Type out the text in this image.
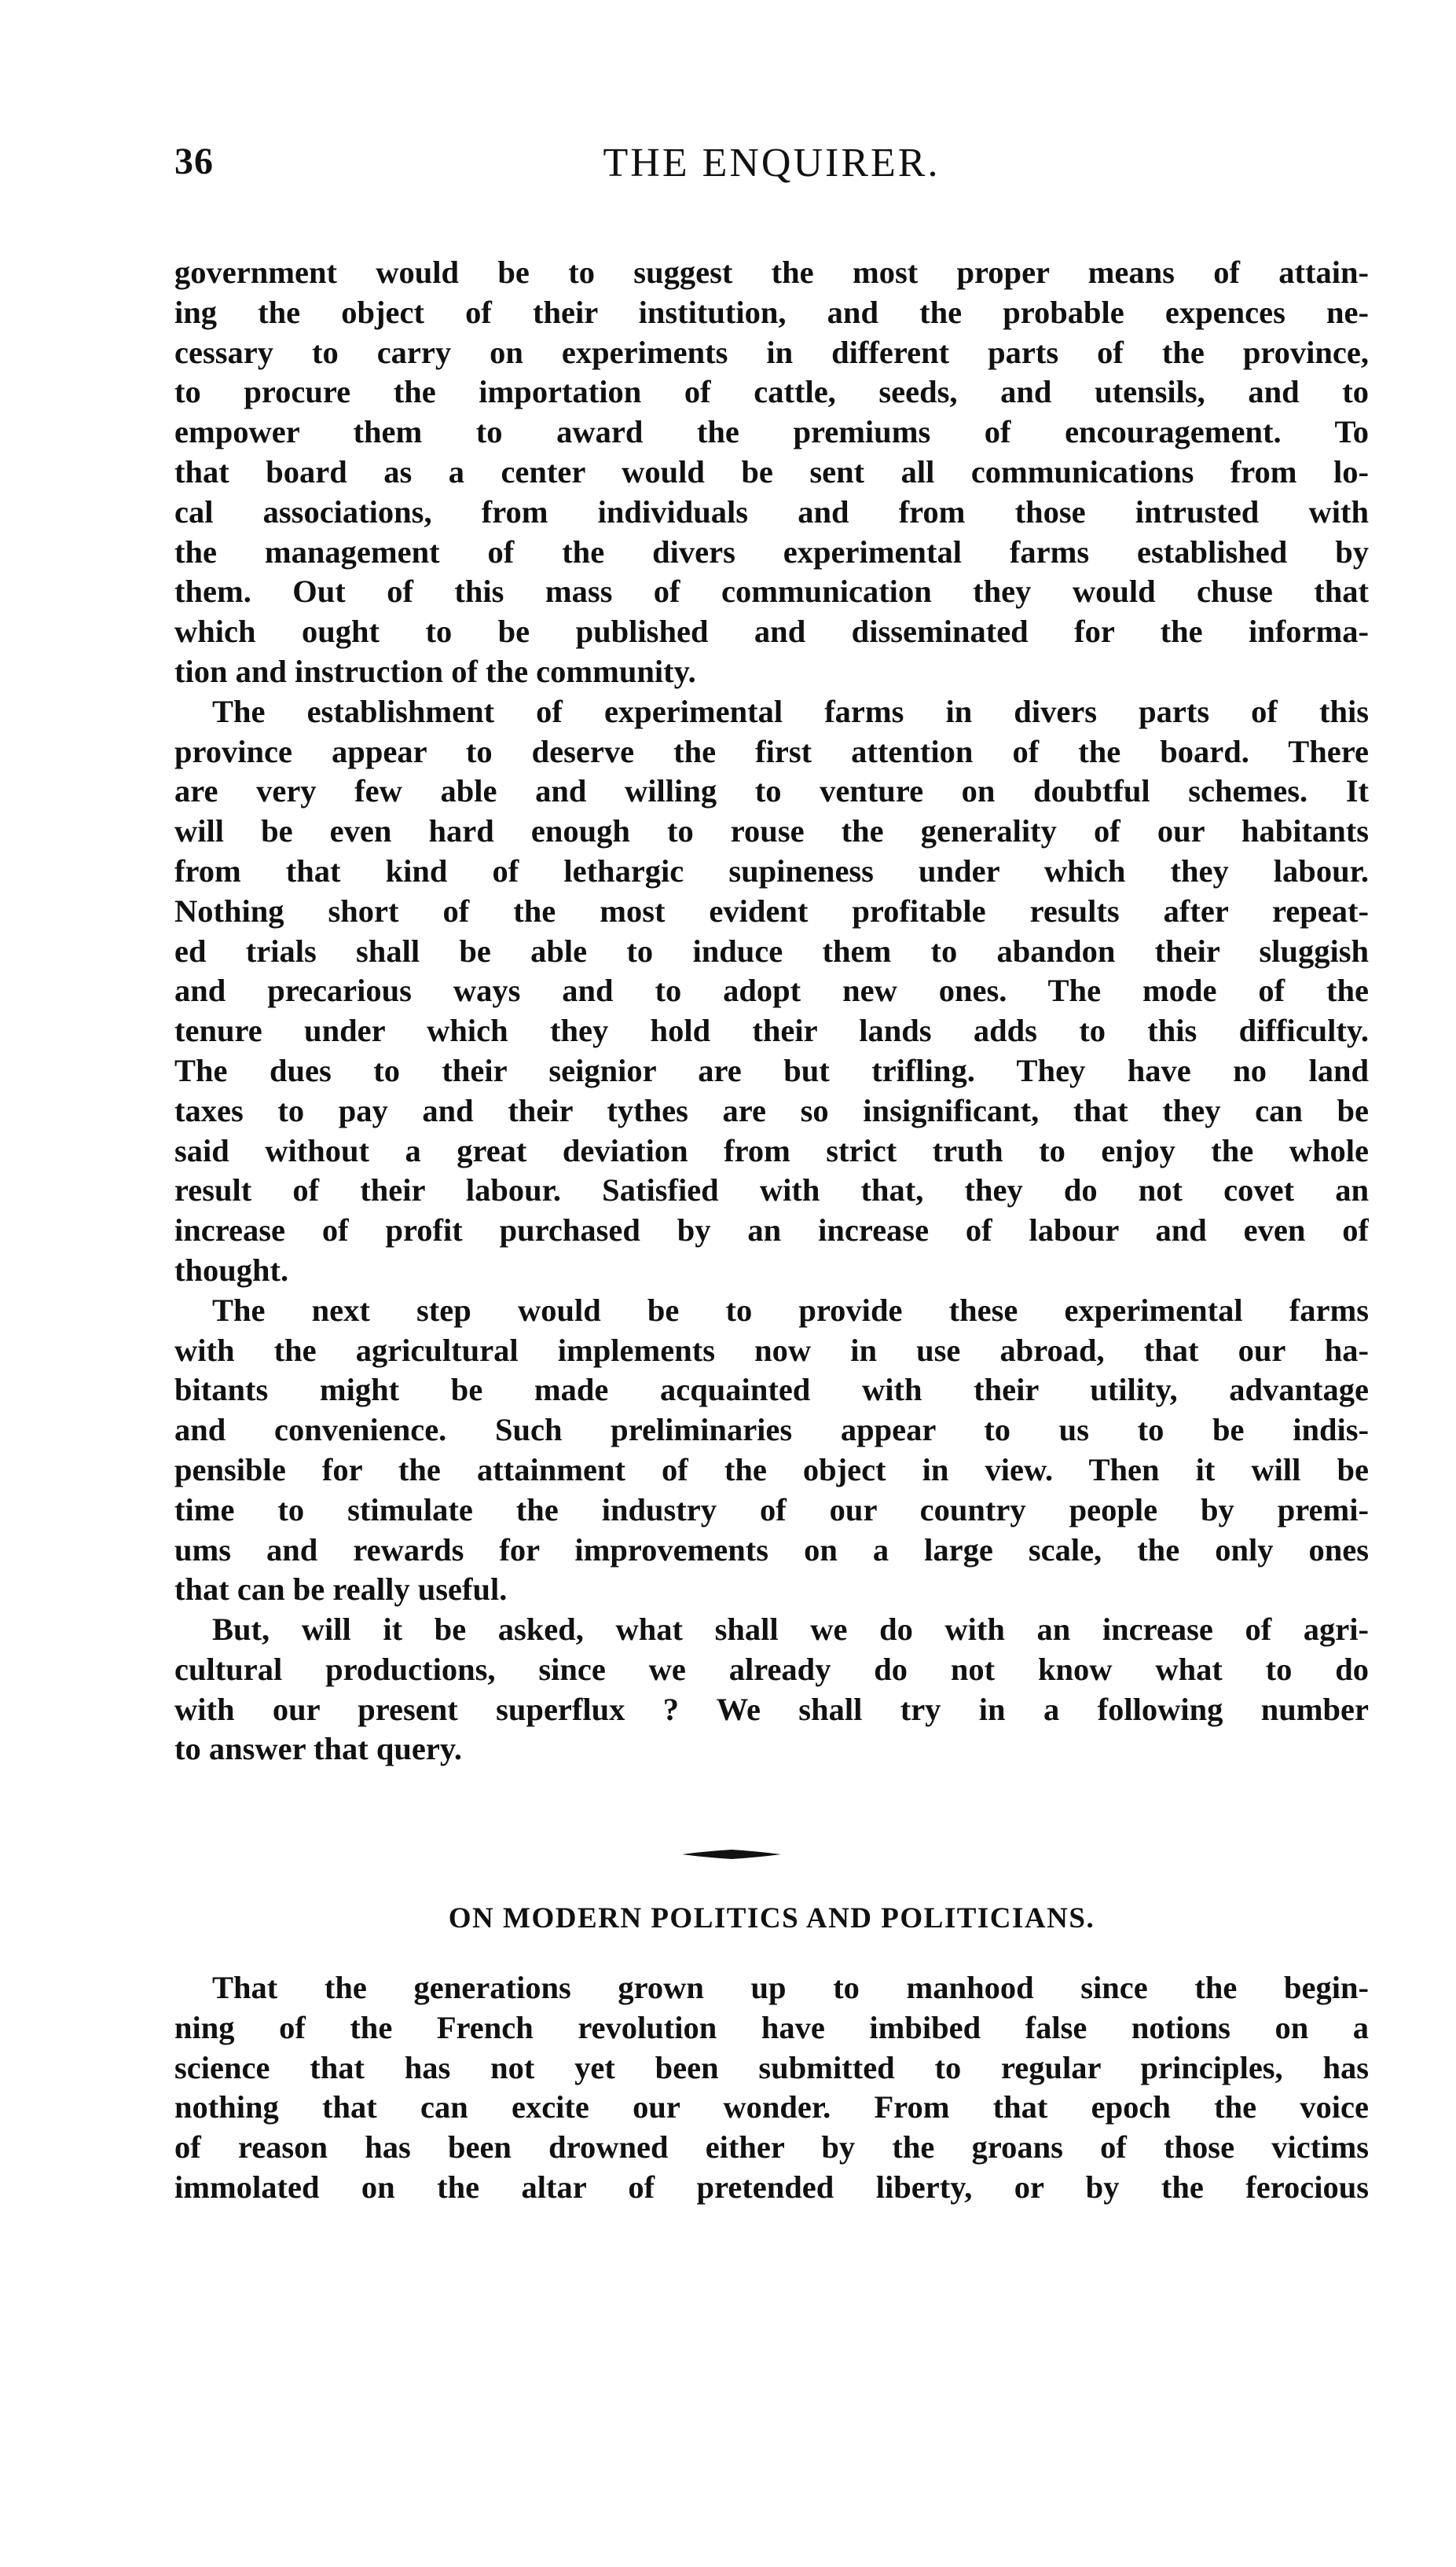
36	THE ENQUIRER.
government would be to suggest the most proper means of attain-
ing the object of their institution, and the probable expences ne-
cessary to carry on experiments in different parts of the province,
to procure the importation of cattle, seeds, and utensils, and to
empower them to award the premiums of encouragement. To
that board as a center would be sent all communications from lo-
cal associations, from individuals and from those intrusted with
the management of the divers experimental farms established by
them. Out of this mass of communication they would chuse that
which ought to be published and disseminated for the informa-
tion and instruction of the community.
The establishment of experimental farms in divers parts of this
province appear to deserve the first attention of the board. There
are very few able and willing to venture on doubtful schemes. It
will be even hard enough to rouse the generality of our habitants
from that kind of lethargic supineness under which they labour.
Nothing short of the most evident profitable results after repeat-
ed trials shall be able to induce them to abandon their sluggish
and precarious ways and to adopt new ones. The mode of the
tenure under which they hold their lands adds to this difficulty.
The dues to their seignior are but trifling. They have no land
taxes to pay and their tythes are so insignificant, that they can be
said without a great deviation from strict truth to enjoy the whole
result of their labour. Satisfied with that, they do not covet an
increase of profit purchased by an increase of labour and even of
thought.
The next step would be to provide these experimental farms
with the agricultural implements now in use abroad, that our ha-
bitants might be made acquainted with their utility, advantage
and convenience. Such preliminaries appear to us to be indis-
pensible for the attainment of the object in view. Then it will be
time to stimulate the industry of our country people by premi-
ums and rewards for improvements on a large scale, the only ones
that can be really useful.
But, will it be asked, what shall we do with an increase of agri-
cultural productions, since we already do not know what to do
with our present superflux ? We shall try in a following number
to answer that query.
ON MODERN POLITICS AND POLITICIANS.
That the generations grown up to manhood since the begin-
ning of the French revolution have imbibed false notions on a
science that has not yet been submitted to regular principles, has
nothing that can excite our wonder. From that epoch the voice
of reason has been drowned either by the groans of those victims
immolated on the altar of pretended liberty, or by the ferocious
